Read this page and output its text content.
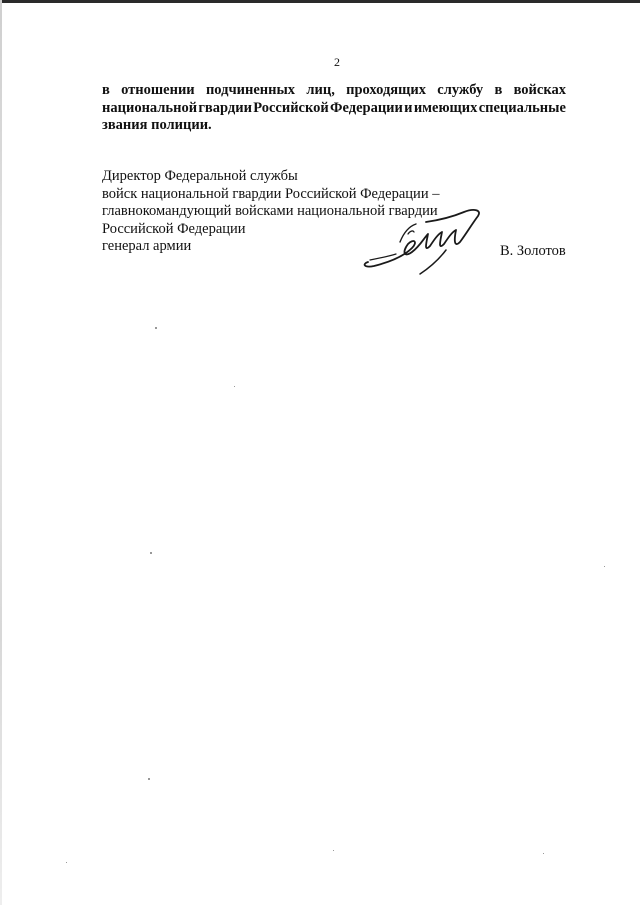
2
в отношении подчиненных лиц, проходящих службу в войсках
национальной гвардии Российской Федерации и имеющих специальные
звания полиции.
Директор Федеральной службы
войск национальной гвардии Российской Федерации –
главнокомандующий войсками национальной гвардии
Российской Федерации
генерал армии	В. Золотов
